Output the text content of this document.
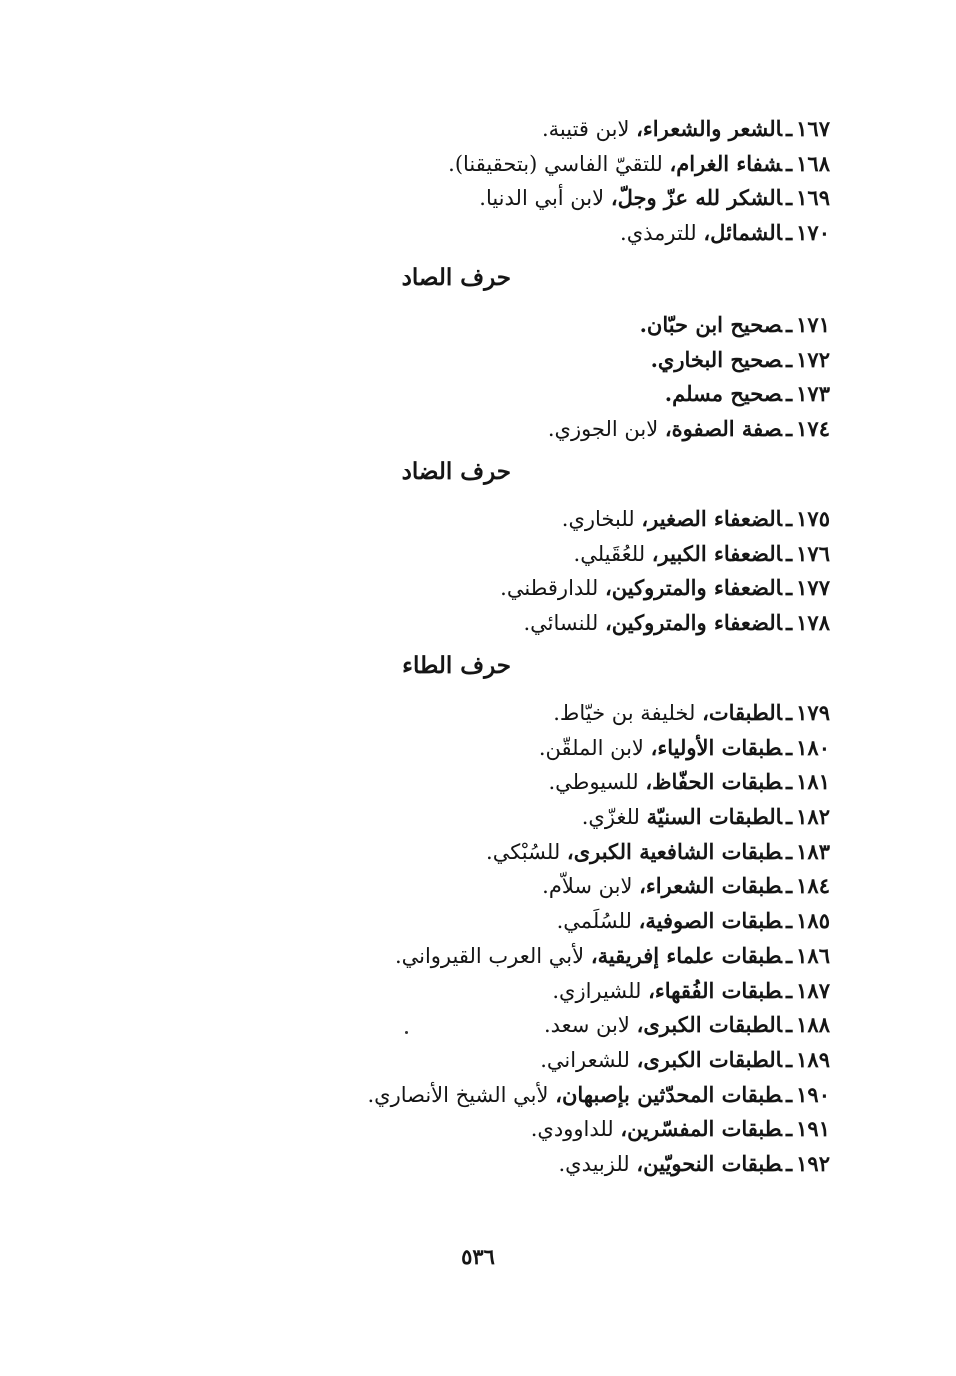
١٦٧ـالشعر والشعراء، لابن قتيبة.
١٦٨ـشفاء الغرام، للتقيّ الفاسي (بتحقيقنا).
١٦٩ـالشكر لله عزّ وجلّ، لابن أبي الدنيا.
١٧٠ـالشمائل، للترمذي.
حرف الصاد
١٧١ـصحيح ابن حبّان.
١٧٢ـصحيح البخاري.
١٧٣ـصحيح مسلم.
١٧٤ـصفة الصفوة، لابن الجوزي.
حرف الضاد
١٧٥ـالضعفاء الصغير، للبخاري.
١٧٦ـالضعفاء الكبير، للعُقَيلي.
١٧٧ـالضعفاء والمتروكين، للدارقطني.
١٧٨ـالضعفاء والمتروكين، للنسائي.
حرف الطاء
١٧٩ـالطبقات، لخليفة بن خيّاط.
١٨٠ـطبقات الأولياء، لابن الملقّن.
١٨١ـطبقات الحفّاظ، للسيوطي.
١٨٢ـالطبقات السنيّة للغزّي.
١٨٣ـطبقات الشافعية الكبرى، للسُبْكي.
١٨٤ـطبقات الشعراء، لابن سلاّم.
١٨٥ـطبقات الصوفية، للسُلَمي.
١٨٦ـطبقات علماء إفريقية، لأبي العرب القيرواني.
١٨٧ـطبقات الفُقهاء، للشيرازي.
١٨٨ـالطبقات الكبرى، لابن سعد.
١٨٩ـالطبقات الكبرى، للشعراني.
١٩٠ـطبقات المحدّثين بإصبهان، لأبي الشيخ الأنصاري.
١٩١ـطبقات المفسّرين، للداوودي.
١٩٢ـطبقات النحويّين، للزبيدي.
٥٣٦
